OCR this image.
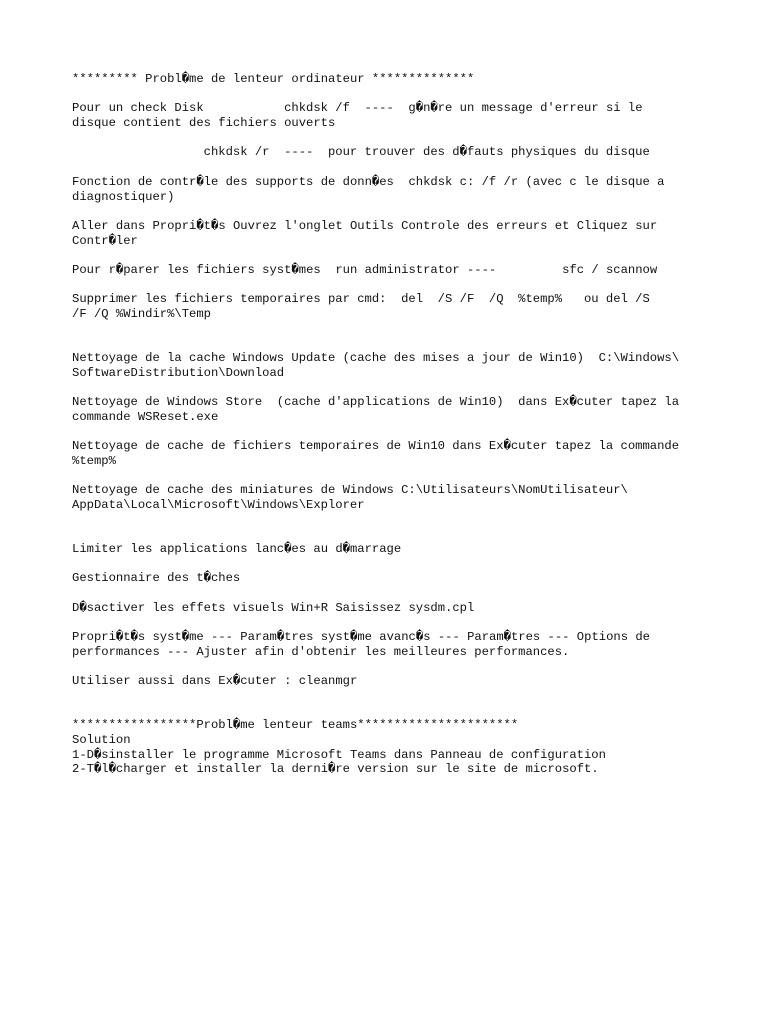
********* Probl�me de lenteur ordinateur **************
Pour un check Disk           chkdsk /f  ----  g�n�re un message d'erreur si le
disque contient des fichiers ouverts
chkdsk /r  ----  pour trouver des d�fauts physiques du disque
Fonction de contr�le des supports de donn�es  chkdsk c: /f /r (avec c le disque a
diagnostiquer)
Aller dans Propri�t�s Ouvrez l'onglet Outils Controle des erreurs et Cliquez sur
Contr�ler
Pour r�parer les fichiers syst�mes  run administrator ----         sfc / scannow
Supprimer les fichiers temporaires par cmd:  del  /S /F  /Q  %temp%   ou del /S
/F /Q %Windir%\Temp
Nettoyage de la cache Windows Update (cache des mises a jour de Win10)  C:\Windows\
SoftwareDistribution\Download
Nettoyage de Windows Store  (cache d'applications de Win10)  dans Ex�cuter tapez la
commande WSReset.exe
Nettoyage de cache de fichiers temporaires de Win10 dans Ex�cuter tapez la commande
%temp%
Nettoyage de cache des miniatures de Windows C:\Utilisateurs\NomUtilisateur\
AppData\Local\Microsoft\Windows\Explorer
Limiter les applications lanc�es au d�marrage
Gestionnaire des t�ches
D�sactiver les effets visuels Win+R Saisissez sysdm.cpl
Propri�t�s syst�me --- Param�tres syst�me avanc�s --- Param�tres --- Options de
performances --- Ajuster afin d'obtenir les meilleures performances.
Utiliser aussi dans Ex�cuter : cleanmgr
*****************Probl�me lenteur teams**********************
Solution
1-D�sinstaller le programme Microsoft Teams dans Panneau de configuration
2-T�l�charger et installer la derni�re version sur le site de microsoft.
